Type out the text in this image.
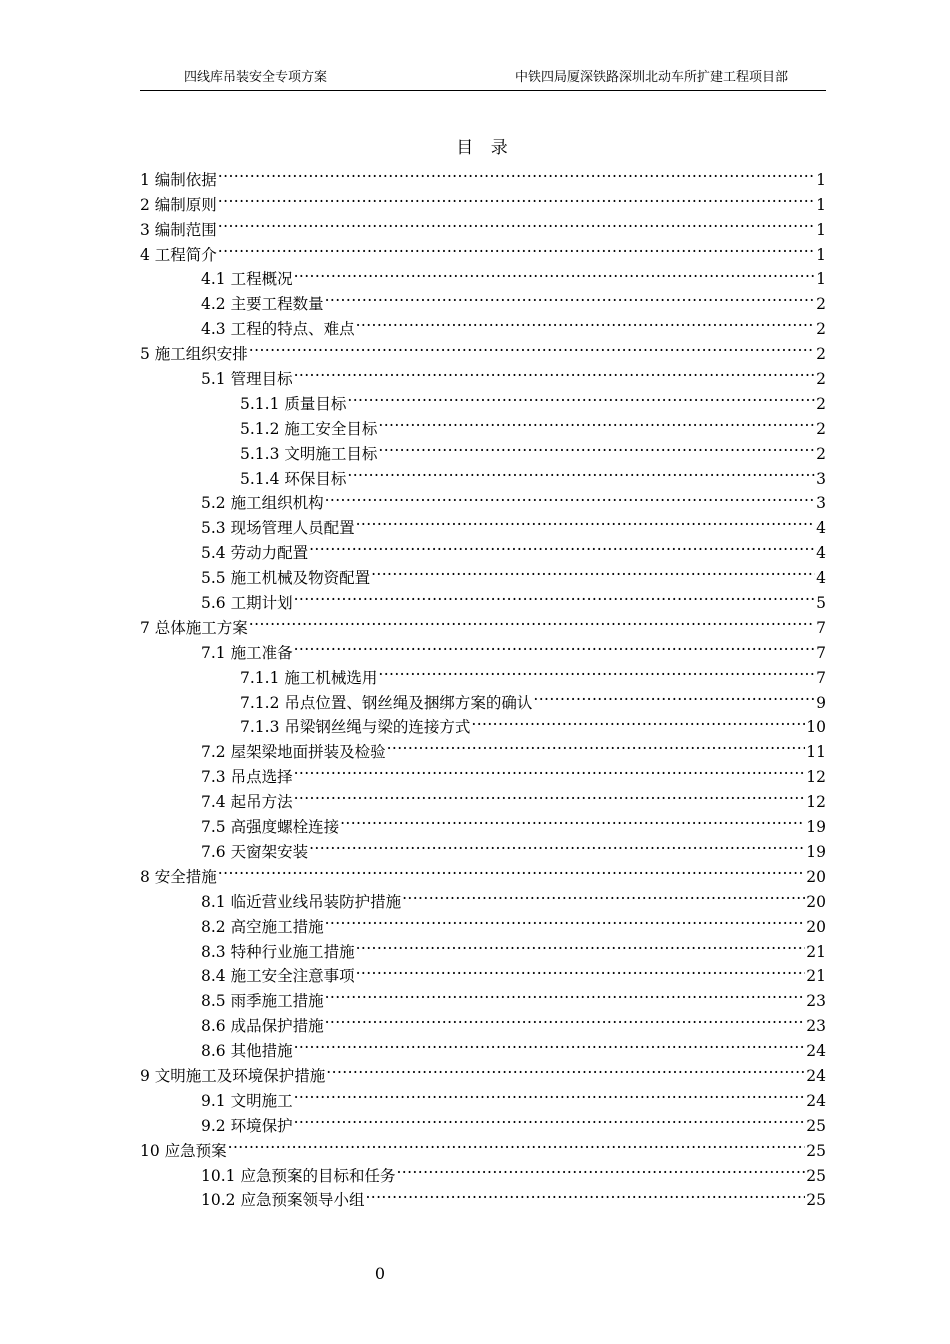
四线库吊装安全专项方案	中铁四局厦深铁路深圳北动车所扩建工程项目部
目 录
1 编制依据 .....	1
2 编制原则 .....	1
3 编制范围 .....	1
4 工程简介 .....	1
4.1 工程概况 .....	1
4.2 主要工程数量 .....	2
4.3 工程的特点、难点 .....	2
5 施工组织安排 .....	2
5.1 管理目标 .....	2
5.1.1 质量目标 .....	2
5.1.2 施工安全目标 .....	2
5.1.3 文明施工目标 .....	2
5.1.4 环保目标 .....	3
5.2 施工组织机构 .....	3
5.3 现场管理人员配置 .....	4
5.4 劳动力配置 .....	4
5.5 施工机械及物资配置 .....	4
5.6 工期计划 .....	5
7 总体施工方案 .....	7
7.1 施工准备 .....	7
7.1.1 施工机械选用 .....	7
7.1.2 吊点位置、钢丝绳及捆绑方案的确认 .....	9
7.1.3 吊梁钢丝绳与梁的连接方式 .....	10
7.2 屋架梁地面拼装及检验 .....	11
7.3 吊点选择 .....	12
7.4 起吊方法 .....	12
7.5 高强度螺栓连接 .....	19
7.6 天窗架安装 .....	19
8 安全措施 .....	20
8.1 临近营业线吊装防护措施 .....	20
8.2 高空施工措施 .....	20
8.3 特种行业施工措施 .....	21
8.4 施工安全注意事项 .....	21
8.5 雨季施工措施 .....	23
8.6 成品保护措施 .....	23
8.6 其他措施 .....	24
9 文明施工及环境保护措施 .....	24
9.1 文明施工 .....	24
9.2 环境保护 .....	25
10 应急预案 .....	25
10.1 应急预案的目标和任务 .....	25
10.2 应急预案领导小组 .....	25
0
